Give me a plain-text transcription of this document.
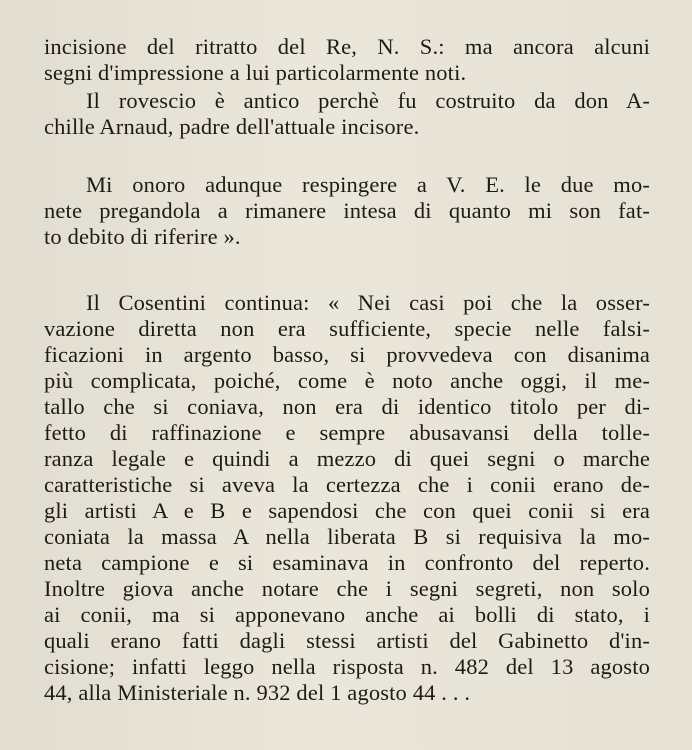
incisione del ritratto del Re, N. S.: ma ancora alcuni
segni d'impressione a lui particolarmente noti.
Il rovescio è antico perchè fu costruito da don A-
chille Arnaud, padre dell'attuale incisore.
Mi onoro adunque respingere a V. E. le due mo-
nete pregandola a rimanere intesa di quanto mi son fat-
to debito di riferire ».
Il Cosentini continua: « Nei casi poi che la osser-
vazione diretta non era sufficiente, specie nelle falsi-
ficazioni in argento basso, si provvedeva con disanima
più complicata, poiché, come è noto anche oggi, il me-
tallo che si coniava, non era di identico titolo per di-
fetto di raffinazione e sempre abusavansi della tolle-
ranza legale e quindi a mezzo di quei segni o marche
caratteristiche si aveva la certezza che i conii erano de-
gli artisti A e B e sapendosi che con quei conii si era
coniata la massa A nella liberata B si requisiva la mo-
neta campione e si esaminava in confronto del reperto.
Inoltre giova anche notare che i segni segreti, non solo
ai conii, ma si apponevano anche ai bolli di stato, i
quali erano fatti dagli stessi artisti del Gabinetto d'in-
cisione; infatti leggo nella risposta n. 482 del 13 agosto
44, alla Ministeriale n. 932 del 1 agosto 44 . . .
